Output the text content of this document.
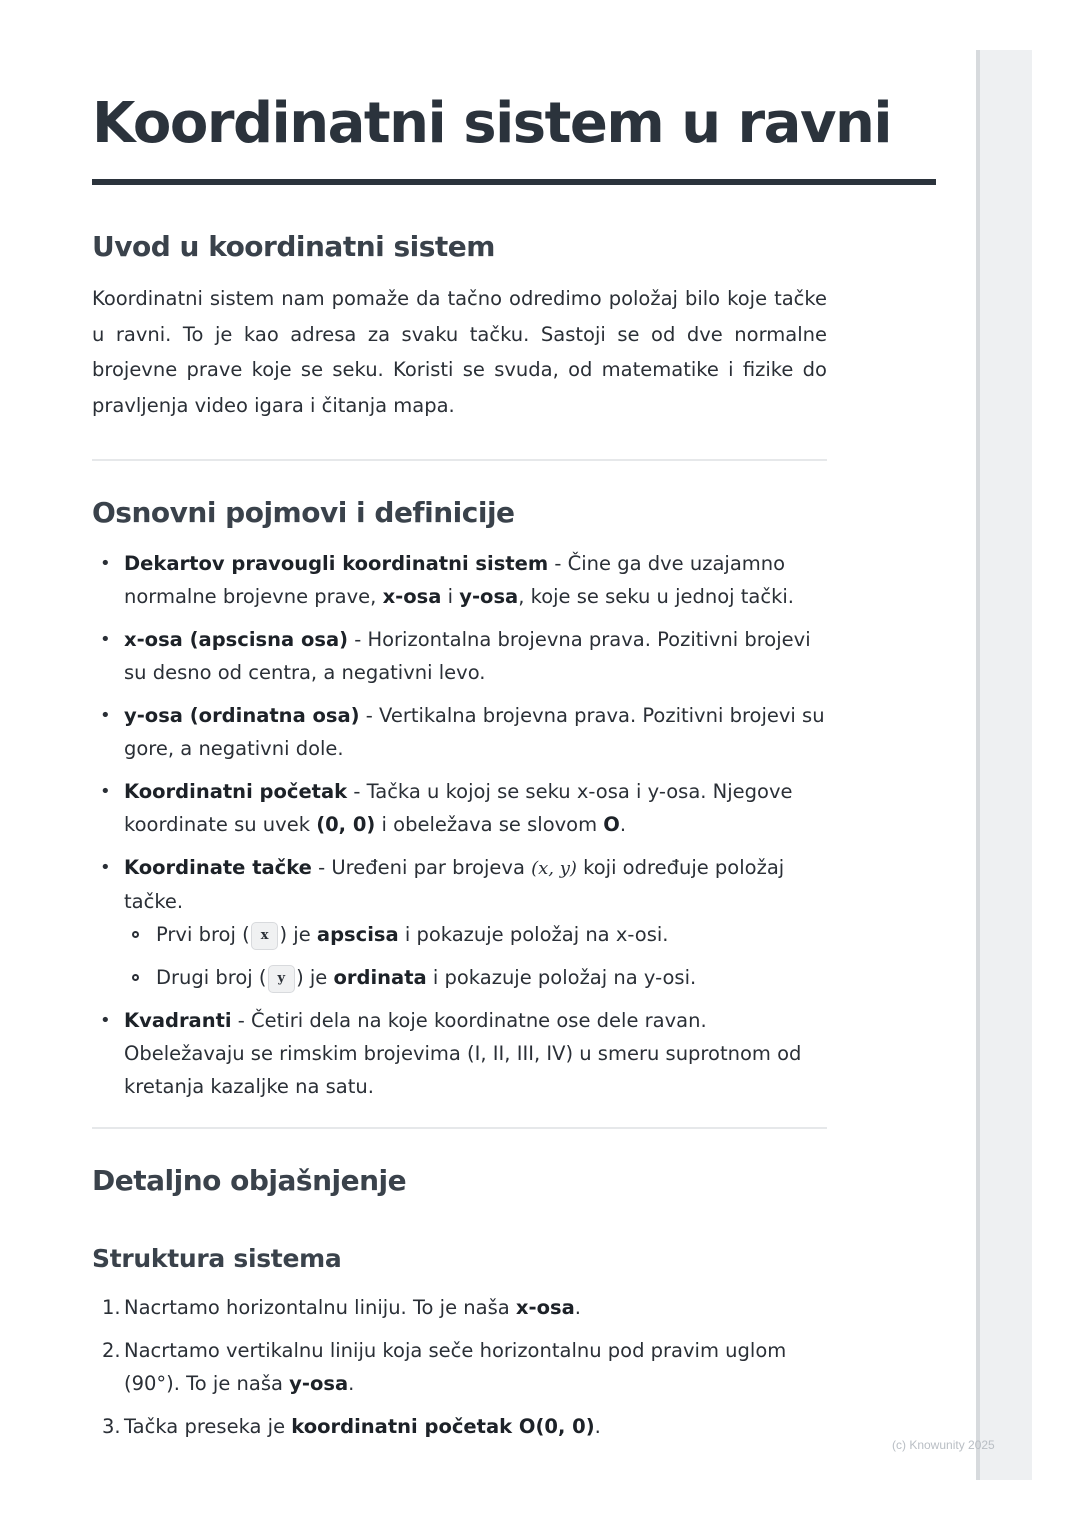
(c) Knowunity 2025
Koordinatni sistem u ravni
Uvod u koordinatni sistem

Koordinatni sistem nam pomaže da tačno odredimo položaj bilo koje tačke u ravni. To je kao adresa za svaku tačku. Sastoji se od dve normalne brojevne prave koje se seku. Koristi se svuda, od matematike i fizike do pravljenja video igara i čitanja mapa.

Osnovni pojmovi i definicije
• Dekartov pravougli koordinatni sistem - Čine ga dve uzajamno normalne brojevne prave, x-osa i y-osa, koje se seku u jednoj tački.
• x-osa (apscisna osa) - Horizontalna brojevna prava. Pozitivni brojevi su desno od centra, a negativni levo.
• y-osa (ordinatna osa) - Vertikalna brojevna prava. Pozitivni brojevi su gore, a negativni dole.
• Koordinatni početak - Tačka u kojoj se seku x-osa i y-osa. Njegove koordinate su uvek (0, 0) i obeležava se slovom O.
• Koordinate tačke - Uređeni par brojeva (x, y) koji određuje položaj tačke.
Prvi broj ( x ) je apscisa i pokazuje položaj na x-osi.
Drugi broj ( y ) je ordinata i pokazuje položaj na y-osi.
• Kvadranti - Četiri dela na koje koordinatne ose dele ravan. Obeležavaju se rimskim brojevima (I, II, III, IV) u smeru suprotnom od kretanja kazaljke na satu.
Detaljno objašnjenje
Struktura sistema
1. Nacrtamo horizontalnu liniju. To je naša x-osa.
2. Nacrtamo vertikalnu liniju koja seče horizontalnu pod pravim uglom (90°). To je naša y-osa.
3. Tačka preseka je koordinatni početak O(0, 0).
